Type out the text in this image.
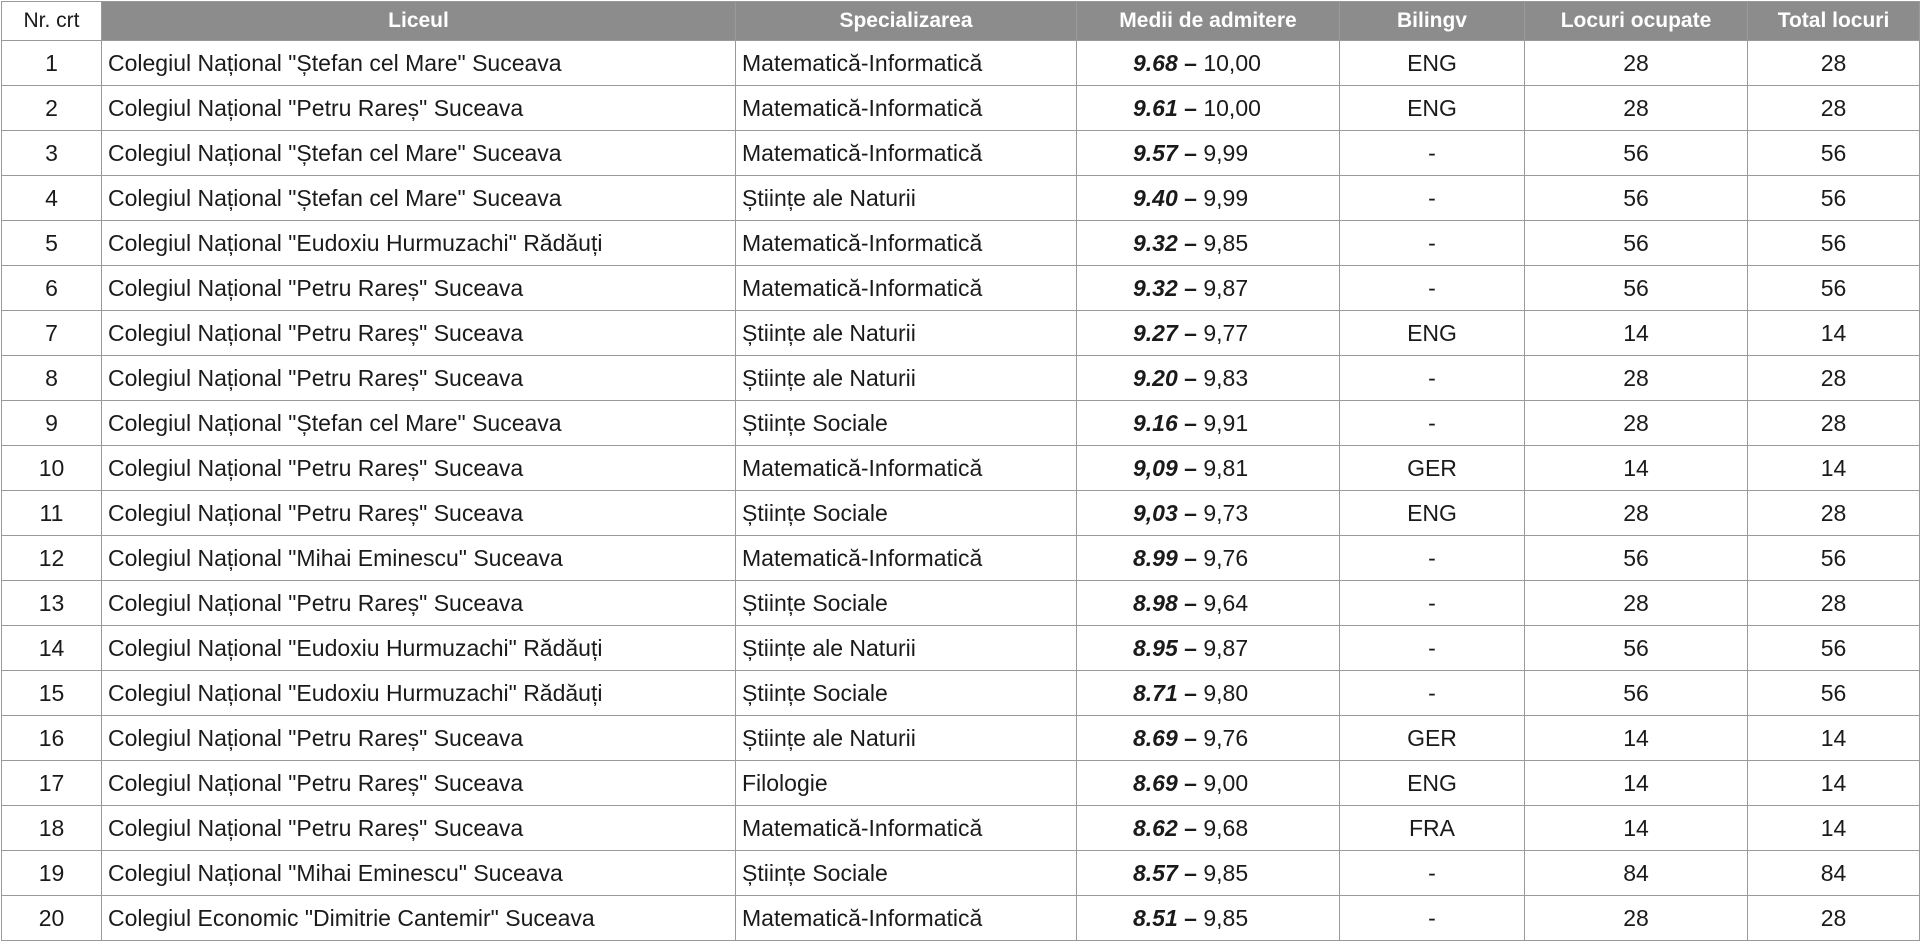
Nr. crt	Liceul	Specializarea	Medii de admitere	Bilingv	Locuri ocupate	Total locuri
1	Colegiul Național "Ștefan cel Mare" Suceava	Matematică-Informatică	9.68 – 10,00	ENG	28	28
2	Colegiul Național "Petru Rareș" Suceava	Matematică-Informatică	9.61 – 10,00	ENG	28	28
3	Colegiul Național "Ștefan cel Mare" Suceava	Matematică-Informatică	9.57 – 9,99	-	56	56
4	Colegiul Național "Ștefan cel Mare" Suceava	Științe ale Naturii	9.40 – 9,99	-	56	56
5	Colegiul Național "Eudoxiu Hurmuzachi" Rădăuți	Matematică-Informatică	9.32 – 9,85	-	56	56
6	Colegiul Național "Petru Rareș" Suceava	Matematică-Informatică	9.32 – 9,87	-	56	56
7	Colegiul Național "Petru Rareș" Suceava	Științe ale Naturii	9.27 – 9,77	ENG	14	14
8	Colegiul Național "Petru Rareș" Suceava	Științe ale Naturii	9.20 – 9,83	-	28	28
9	Colegiul Național "Ștefan cel Mare" Suceava	Științe Sociale	9.16 – 9,91	-	28	28
10	Colegiul Național "Petru Rareș" Suceava	Matematică-Informatică	9,09 – 9,81	GER	14	14
11	Colegiul Național "Petru Rareș" Suceava	Științe Sociale	9,03 – 9,73	ENG	28	28
12	Colegiul Național "Mihai Eminescu" Suceava	Matematică-Informatică	8.99 – 9,76	-	56	56
13	Colegiul Național "Petru Rareș" Suceava	Științe Sociale	8.98 – 9,64	-	28	28
14	Colegiul Național "Eudoxiu Hurmuzachi" Rădăuți	Științe ale Naturii	8.95 – 9,87	-	56	56
15	Colegiul Național "Eudoxiu Hurmuzachi" Rădăuți	Științe Sociale	8.71 – 9,80	-	56	56
16	Colegiul Național "Petru Rareș" Suceava	Științe ale Naturii	8.69 – 9,76	GER	14	14
17	Colegiul Național "Petru Rareș" Suceava	Filologie	8.69 – 9,00	ENG	14	14
18	Colegiul Național "Petru Rareș" Suceava	Matematică-Informatică	8.62 – 9,68	FRA	14	14
19	Colegiul Național "Mihai Eminescu" Suceava	Științe Sociale	8.57 – 9,85	-	84	84
20	Colegiul Economic "Dimitrie Cantemir" Suceava	Matematică-Informatică	8.51 – 9,85	-	28	28
